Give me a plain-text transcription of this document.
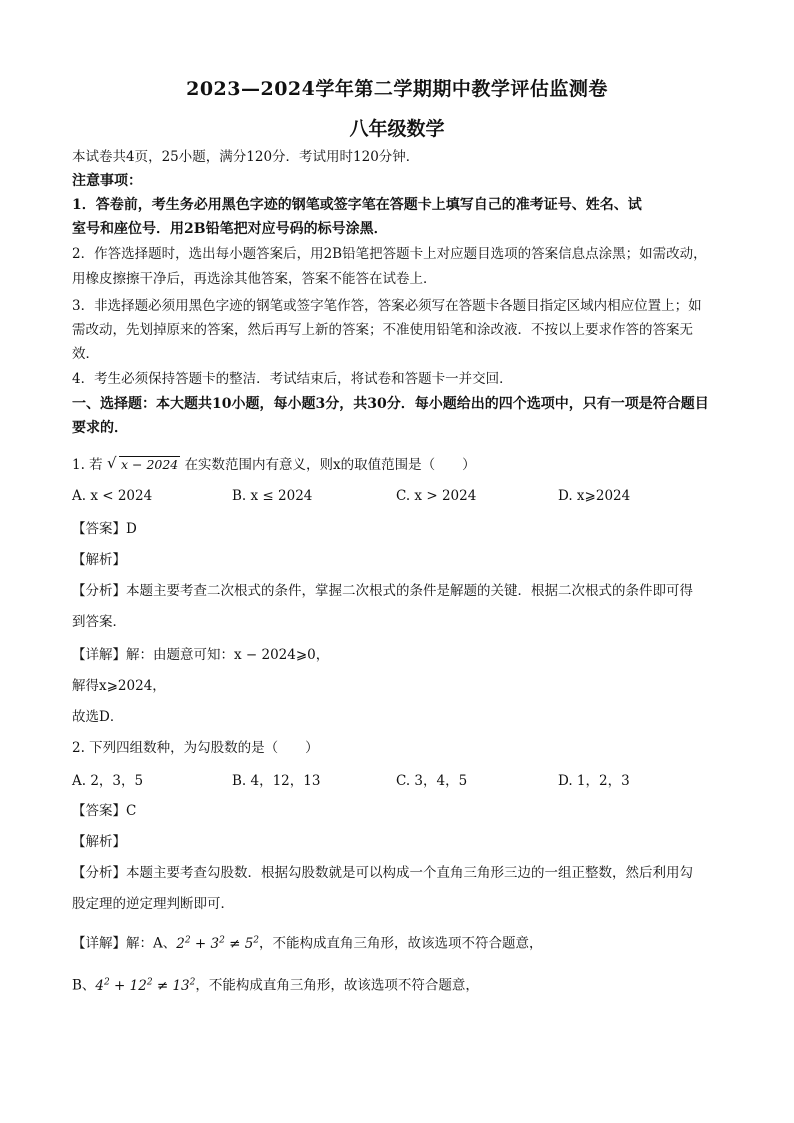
2023—2024学年第二学期期中教学评估监测卷
八年级数学
本试卷共4页，25小题，满分120分．考试用时120分钟．
注意事项：
1．答卷前，考生务必用黑色字迹的钢笔或签字笔在答题卡上填写自己的准考证号、姓名、试
室号和座位号．用2B铅笔把对应号码的标号涂黑．
2．作答选择题时，选出每小题答案后，用2B铅笔把答题卡上对应题目选项的答案信息点涂黑；如需改动，
用橡皮擦擦干净后，再选涂其他答案，答案不能答在试卷上．
3．非选择题必须用黑色字迹的钢笔或签字笔作答，答案必须写在答题卡各题目指定区域内相应位置上；如
需改动，先划掉原来的答案，然后再写上新的答案；不准使用铅笔和涂改液．不按以上要求作答的答案无
效．
4．考生必须保持答题卡的整洁．考试结束后，将试卷和答题卡一并交回．
一、选择题：本大题共10小题，每小题3分，共30分．每小题给出的四个选项中，只有一项是符合题目
要求的．
1. 若 √ x − 2024 在实数范围内有意义，则x的取值范围是（　　）
A. x < 2024	B. x ≤ 2024	C. x > 2024	D. x⩾2024
【答案】D
【解析】
【分析】本题主要考查二次根式的条件，掌握二次根式的条件是解题的关键．根据二次根式的条件即可得
到答案．
【详解】解：由题意可知：x − 2024⩾0，
解得x⩾2024，
故选D．
2. 下列四组数种，为勾股数的是（　　）
A. 2，3，5	B. 4，12，13	C. 3，4，5	D. 1，2，3
【答案】C
【解析】
【分析】本题主要考查勾股数．根据勾股数就是可以构成一个直角三角形三边的一组正整数，然后利用勾
股定理的逆定理判断即可．
【详解】解：A、$2^2 + 3^2 \ne 5^2$，不能构成直角三角形，故该选项不符合题意，
B、$4^2 + 12^2 \ne 13^2$，不能构成直角三角形，故该选项不符合题意，
